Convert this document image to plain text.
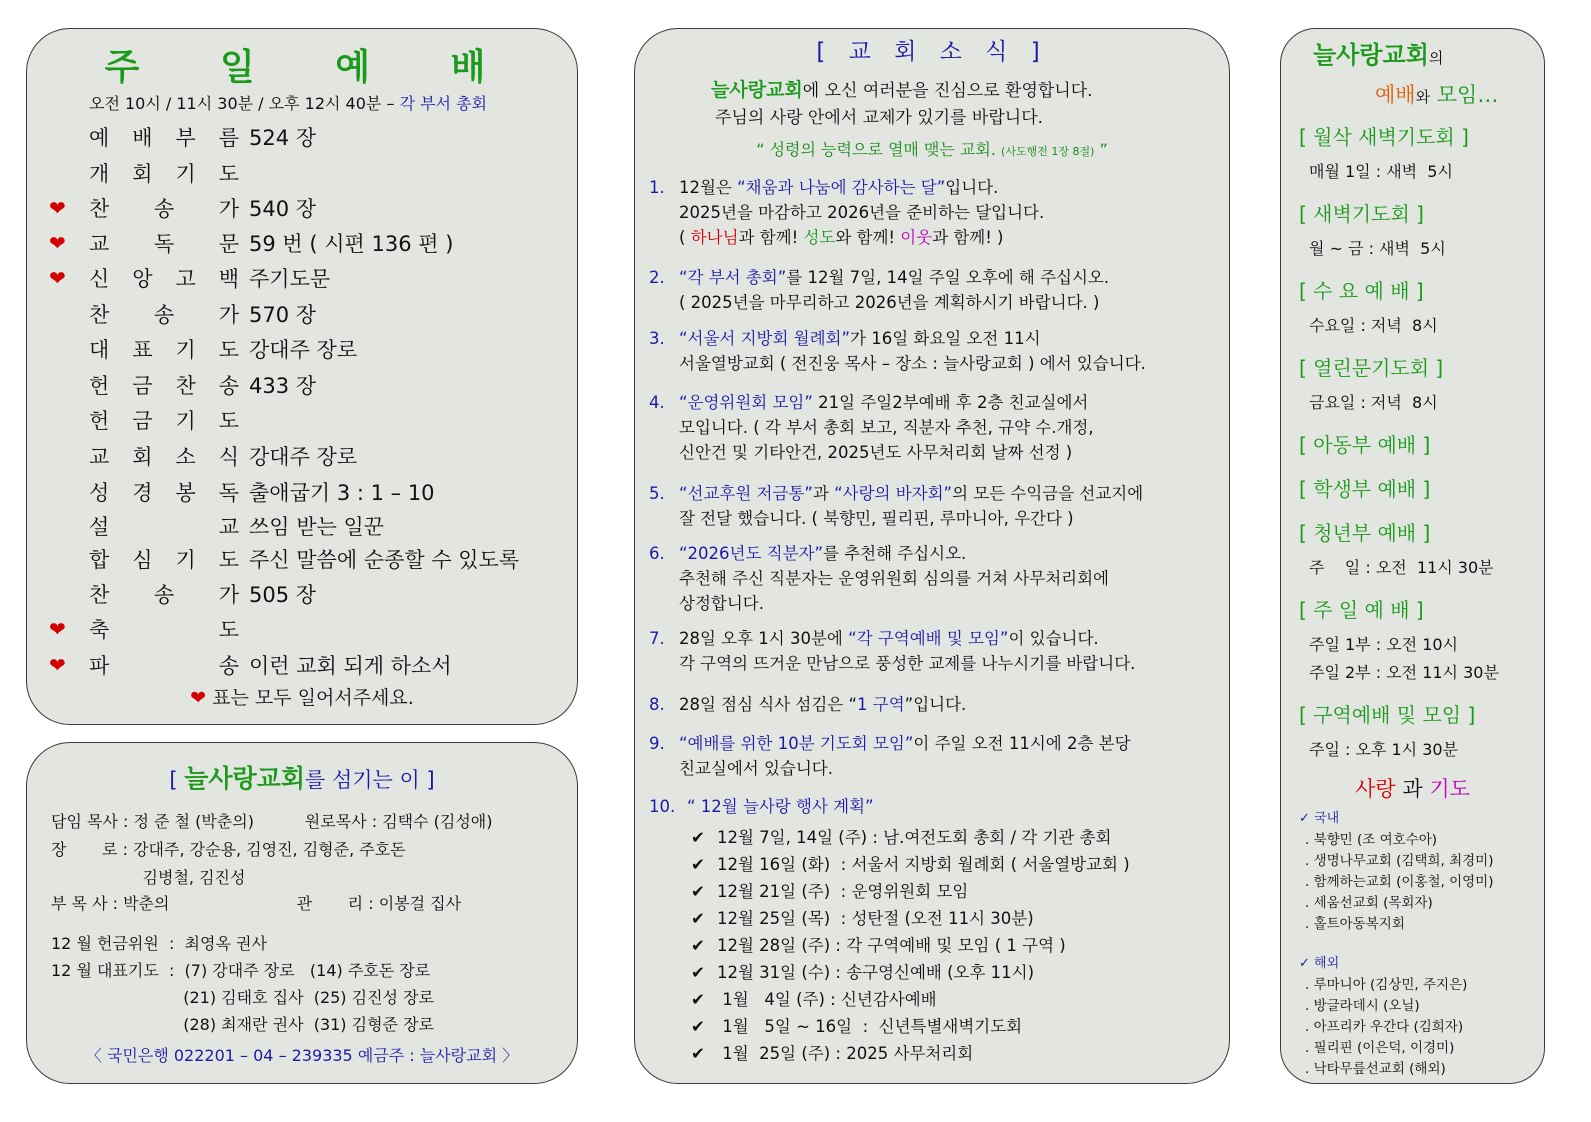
주 일 예 배
오전 10시 / 11시 30분 / 오후 12시 40분 – 각 부서 총회
예 배 부 름 524 장
개 회 기 도
❤	찬 송 가 540 장
❤	교 독 문 59 번 ( 시편 136 편 )
❤	신 앙 고 백 주기도문
찬 송 가 570 장
대 표 기 도 강대주 장로
헌 금 찬 송 433 장
헌 금 기 도
교 회 소 식 강대주 장로
성 경 봉 독 출애굽기 3 : 1 – 10
설	교 쓰임 받는 일꾼
합 심 기 도 주신 말씀에 순종할 수 있도록
찬 송 가 505 장
❤	축	도
❤	파	송 이런 교회 되게 하소서
❤ 표는 모두 일어서주세요.
[ 늘사랑교회를 섬기는 이 ]
담임 목사 : 정 준 철 (박춘의)          원로목사 : 김택수 (김성애)
장       로 : 강대주, 강순용, 김영진, 김형준, 주호돈
김병철, 김진성
부 목 사 : 박춘의                         관       리 : 이봉걸 집사
12 월 헌금위원  :  최영옥 권사
12 월 대표기도  :  (7) 강대주 장로   (14) 주호돈 장로
(21) 김태호 집사  (25) 김진성 장로
(28) 최재란 권사  (31) 김형준 장로
〈 국민은행 022201 – 04 – 239335 예금주 : 늘사랑교회 〉
[ 교 회 소 식 ]
늘사랑교회에 오신 여러분을 진심으로 환영합니다.
주님의 사랑 안에서 교제가 있기를 바랍니다.
“ 성령의 능력으로 열매 맺는 교회. (사도행전 1장 8절) ”
1. 12월은 “채움과 나눔에 감사하는 달”입니다.
2025년을 마감하고 2026년을 준비하는 달입니다.
( 하나님과 함께! 성도와 함께! 이웃과 함께! )
2. “각 부서 총회”를 12월 7일, 14일 주일 오후에 해 주십시오.
( 2025년을 마무리하고 2026년을 계획하시기 바랍니다. )
3. “서울서 지방회 월례회”가 16일 화요일 오전 11시
서울열방교회 ( 전진웅 목사 – 장소 : 늘사랑교회 ) 에서 있습니다.
4. “운영위원회 모임” 21일 주일2부예배 후 2층 친교실에서
모입니다. ( 각 부서 총회 보고, 직분자 추천, 규약 수.개정,
신안건 및 기타안건, 2025년도 사무처리회 날짜 선정 )
5. “선교후원 저금통”과 “사랑의 바자회”의 모든 수익금을 선교지에
잘 전달 했습니다. ( 북향민, 필리핀, 루마니아, 우간다 )
6. “2026년도 직분자”를 추천해 주십시오.
추천해 주신 직분자는 운영위원회 심의를 거쳐 사무처리회에
상정합니다.
7. 28일 오후 1시 30분에 “각 구역예배 및 모임”이 있습니다.
각 구역의 뜨거운 만남으로 풍성한 교제를 나누시기를 바랍니다.
8. 28일 점심 식사 섬김은 “1 구역”입니다.
9. “예배를 위한 10분 기도회 모임”이 주일 오전 11시에 2층 본당
친교실에서 있습니다.
10. “ 12월 늘사랑 행사 계획”
✔ 12월 7일, 14일 (주) : 남.여전도회 총회 / 각 기관 총회
✔ 12월 16일 (화)  : 서울서 지방회 월례회 ( 서울열방교회 )
✔ 12월 21일 (주)  : 운영위원회 모임
✔ 12월 25일 (목)  : 성탄절 (오전 11시 30분)
✔ 12월 28일 (주) : 각 구역예배 및 모임 ( 1 구역 )
✔ 12월 31일 (수) : 송구영신예배 (오후 11시)
✔ 1월   4일 (주) : 신년감사예배
✔ 1월   5일 ~ 16일  :  신년특별새벽기도회
✔ 1월  25일 (주) : 2025 사무처리회
늘사랑교회의
예배와 모임…
[ 월삭 새벽기도회 ]
매월 1일 : 새벽  5시
[ 새벽기도회 ]
월 ~ 금 : 새벽  5시
[ 수 요 예 배 ]
수요일 : 저녁  8시
[ 열린문기도회 ]
금요일 : 저녁  8시
[ 아동부 예배 ]
[ 학생부 예배 ]
[ 청년부 예배 ]
주    일 : 오전  11시 30분
[ 주 일 예 배 ]
주일 1부 : 오전 10시
주일 2부 : 오전 11시 30분
[ 구역예배 및 모임 ]
주일 : 오후 1시 30분
사랑 과 기도
✓ 국내
. 북향민 (조 여호수아)
. 생명나무교회 (김택희, 최경미)
. 함께하는교회 (이홍철, 이영미)
. 세움선교회 (목회자)
. 홀트아동복지회
✓ 해외
. 루마니아 (김상민, 주지은)
. 방글라데시 (오닐)
. 아프리카 우간다 (김희자)
. 필리핀 (이은덕, 이경미)
. 낙타무릎선교회 (해외)
